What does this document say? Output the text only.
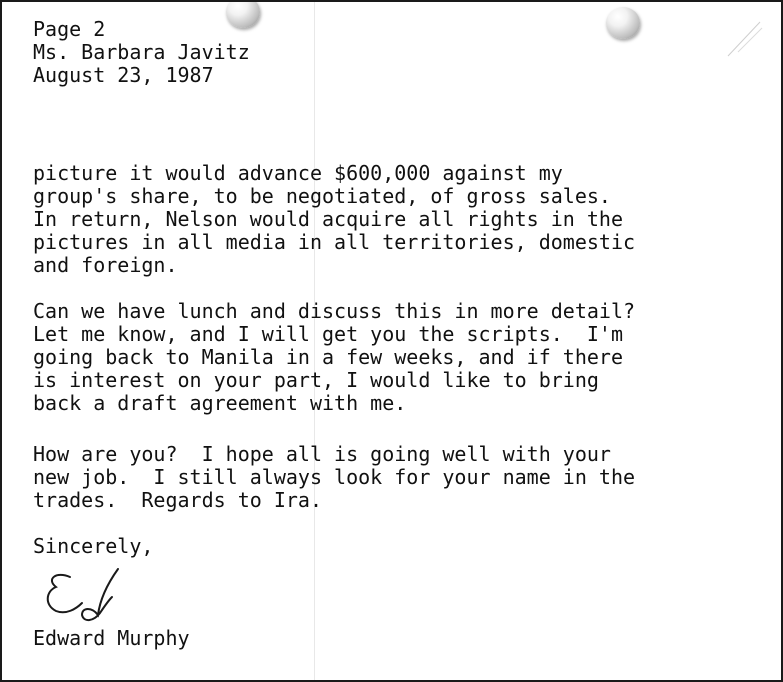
Page 2
Ms. Barbara Javitz
August 23, 1987

picture it would advance $600,000 against my
group's share, to be negotiated, of gross sales.
In return, Nelson would acquire all rights in the
pictures in all media in all territories, domestic
and foreign.

Can we have lunch and discuss this in more detail?
Let me know, and I will get you the scripts.  I'm
going back to Manila in a few weeks, and if there
is interest on your part, I would like to bring
back a draft agreement with me.

How are you?  I hope all is going well with your
new job.  I still always look for your name in the
trades.  Regards to Ira.

Sincerely,
Edward Murphy
